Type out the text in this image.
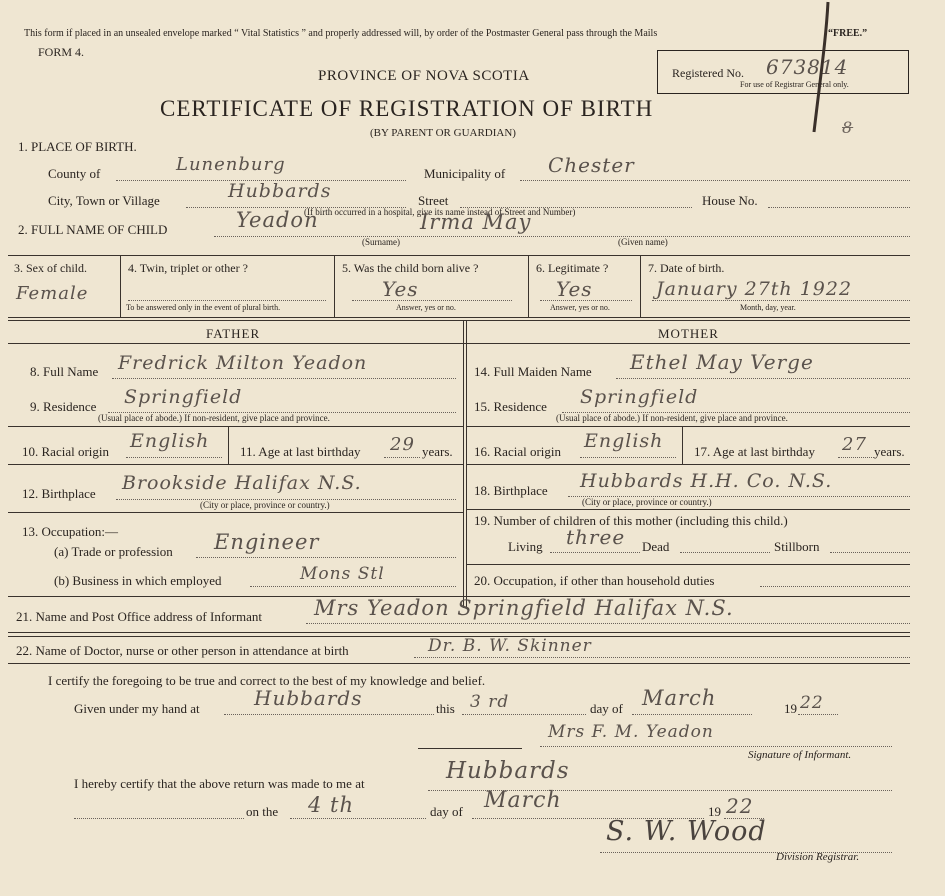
This form if placed in an unsealed envelope marked “ Vital Statistics ” and properly addressed will, by order of the Postmaster General pass through the Mails	“FREE.”
FORM 4.
PROVINCE OF NOVA SCOTIA
CERTIFICATE OF REGISTRATION OF BIRTH
(BY PARENT OR GUARDIAN)
Registered No. 673814
For use of Registrar General only.
8
1. PLACE OF BIRTH.
County of	Lunenburg	Municipality of Chester
City, Town or Village	Hubbards	Street	House No.
(If birth occurred in a hospital, give its name instead of Street and Number)
2. FULL NAME OF CHILD	Yeadon	Irma May
(Surname)	(Given name)
3. Sex of child.
Female
4. Twin, triplet or other ?
To be answered only in the event of plural birth.
5. Was the child born alive ?
Yes
Answer, yes or no.
6. Legitimate ?
Yes
Answer, yes or no.
7. Date of birth.
January 27th 1922
Month, day, year.
FATHER	MOTHER
8. Full Name Fredrick Milton Yeadon
9. Residence Springfield
(Usual place of abode.) If non-resident, give place and province.
10. Racial origin English 11. Age at last birthday 29 years.
12. Birthplace Brookside Halifax N.S.
(City or place, province or country.)
13. Occupation:—
(a) Trade or profession Engineer
(b) Business in which employed	Mons Stl
14. Full Maiden Name Ethel May Verge
15. Residence Springfield
(Usual place of abode.) If non-resident, give place and province.
16. Racial origin English 17. Age at last birthday 27 years.
18. Birthplace Hubbards H.H. Co. N.S.
(City or place, province or country.)
19. Number of children of this mother (including this child.)
Living three Dead	Stillborn
20. Occupation, if other than household duties
21. Name and Post Office address of Informant Mrs Yeadon Springfield Halifax N.S.
22. Name of Doctor, nurse or other person in attendance at birth	Dr. B. W. Skinner
I certify the foregoing to be true and correct to the best of my knowledge and belief.
Given under my hand at	Hubbards	this 3 rd	day of March	19 22
Mrs F. M. Yeadon
Signature of Informant.
I hereby certify that the above return was made to me at	Hubbards
on the 4 th	day of March	19 22
S. W. Wood
Division Registrar.
